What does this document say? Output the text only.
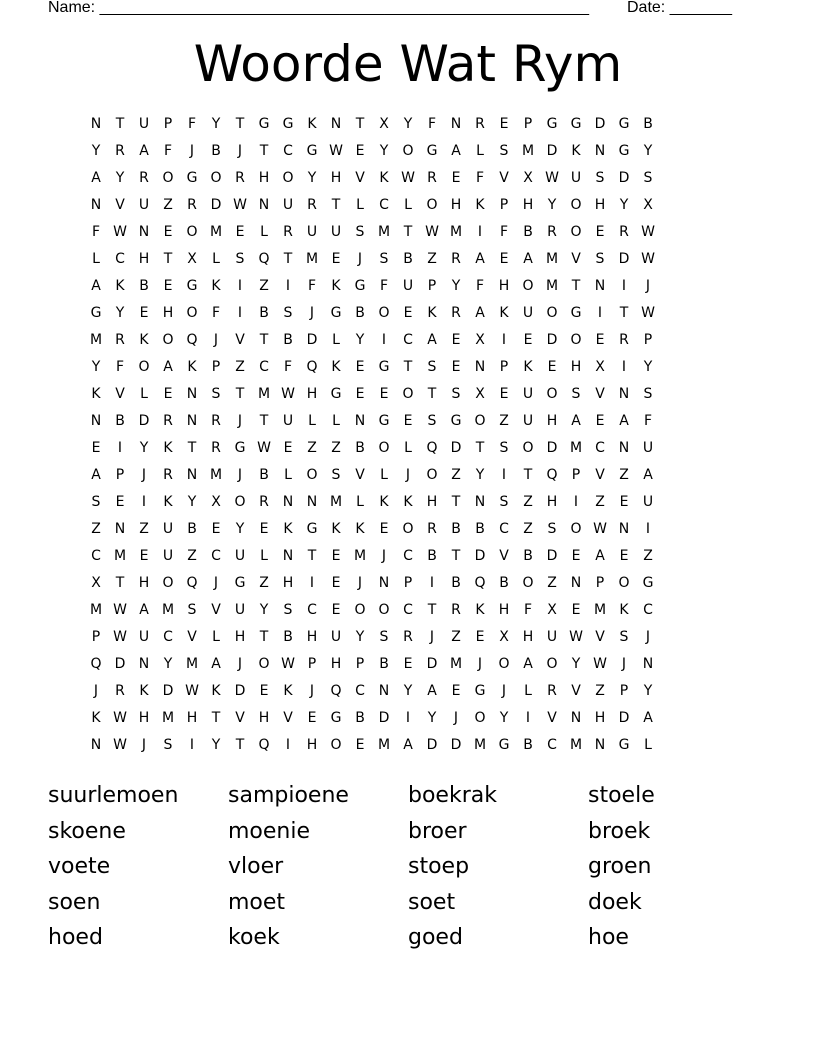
Name: _______________________________________________________ Date: _______
Woorde Wat Rym
N	T	U	P	F	Y	T	G G K	N	T	X	Y	F	N R	E	P	G G D G B
Y	R	A	F	J	B	J	T	C G W E	Y	O G A	L	S M D	K	N G	Y
A	Y	R O G O R H O	Y	H V	K W R	E	F	V	X W U	S	D	S
N V	U	Z	R D W N U	R	T	L	C	L	O H	K	P	H	Y	O H	Y	X
F W N	E	O M E	L	R	U U	S M T W M	I	F	B	R O	E	R W
L	C H	T	X	L	S	Q	T M E	J	S	B	Z	R	A	E	A M V	S	D W
A	K	B	E	G K	I	Z	I	F	K G	F	U	P	Y	F	H O M T	N	I	J
G	Y	E	H O	F	I	B	S	J	G B O	E	K	R	A	K	U O G	I	T W
M R	K O Q	J	V	T	B D	L	Y	I	C	A	E	X	I	E	D O	E	R	P
Y	F	O A	K	P	Z	C	F	Q K	E	G	T	S	E	N	P	K	E	H X	I	Y
K	V	L	E	N	S	T M W H G	E	E	O	T	S	X	E	U O	S	V N	S
N B D R N R	J	T	U	L	L	N G	E	S	G O Z	U H A	E	A	F
E	I	Y	K	T	R G W E	Z	Z	B O	L	Q D	T	S	O D M C N U
A	P	J	R N M	J	B	L	O	S	V	L	J	O Z	Y	I	T	Q	P	V	Z	A
S	E	I	K	Y	X O R N N M	L	K	K	H	T	N	S	Z H	I	Z	E	U
Z N Z	U	B	E	Y	E	K G K	K	E	O R	B	B	C	Z	S	O W N	I
C M E	U	Z	C U	L	N	T	E M	J	C	B	T	D V	B D	E	A	E	Z
X	T	H O Q	J	G Z H	I	E	J	N	P	I	B Q B O Z N	P	O G
M W A M S	V	U	Y	S	C	E	O O C	T	R	K	H	F	X	E M K	C
P W U C	V	L	H	T	B H U	Y	S	R	J	Z	E	X H U W V	S	J
Q D N	Y M A	J	O W P	H	P	B	E	D M	J	O A O	Y W	J	N
J	R	K	D W K	D	E	K	J	Q C N	Y	A	E	G	J	L	R	V	Z	P	Y
K W H M H	T	V H V	E	G B D	I	Y	J	O	Y	I	V N H D A
N W	J	S	I	Y	T	Q	I	H O	E M A D D M G B	C M N G	L
suurlemoen	sampioene	boekrak	stoele
skoene	moenie	broer	broek
voete	vloer	stoep	groen
soen	moet	soet	doek
hoed	koek	goed	hoe
